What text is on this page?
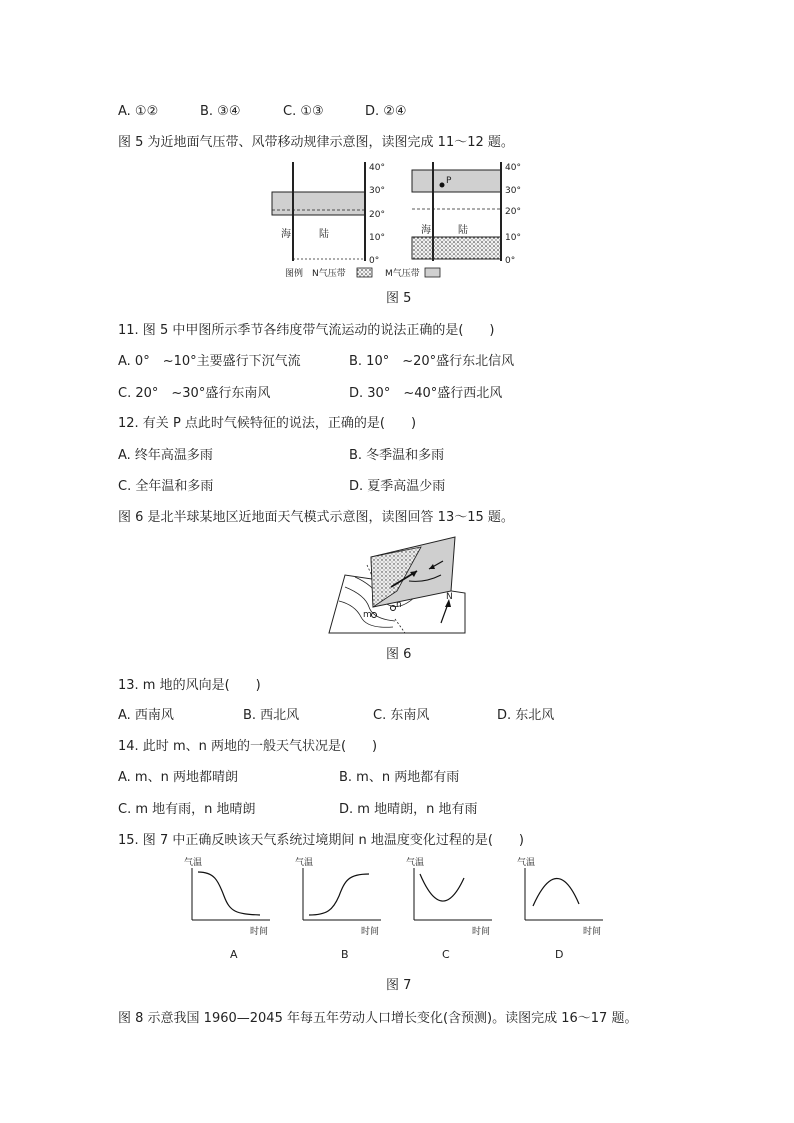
A. ①②	B. ③④	C. ①③	D. ②④
图 5 为近地面气压带、风带移动规律示意图，读图完成 11～12 题。
海	陆
40°
30°
20°
10°
0°
P
海	陆
40°
30°
20°
10°
0°
图例 N气压带	M气压带
图 5
11. 图 5 中甲图所示季节各纬度带气流运动的说法正确的是(　　)
A. 0°　~10°主要盛行下沉气流	B. 10°　~20°盛行东北信风
C. 20°　~30°盛行东南风	D. 30°　~40°盛行西北风
12. 有关 P 点此时气候特征的说法，正确的是(　　)
A. 终年高温多雨	B. 冬季温和多雨
C. 全年温和多雨	D. 夏季高温少雨
图 6 是北半球某地区近地面天气模式示意图，读图回答 13～15 题。
m
n
N
图 6
13. m 地的风向是(　　)
A. 西南风	B. 西北风	C. 东南风	D. 东北风
14. 此时 m、n 两地的一般天气状况是(　　)
A. m、n 两地都晴朗	B. m、n 两地都有雨
C. m 地有雨，n 地晴朗	D. m 地晴朗，n 地有雨
15. 图 7 中正确反映该天气系统过境期间 n 地温度变化过程的是(　　)
气温
时间
A
气温
时间
B
气温
时间
C
气温
时间
D
图 7
图 8 示意我国 1960—2045 年每五年劳动人口增长变化(含预测)。读图完成 16～17 题。
